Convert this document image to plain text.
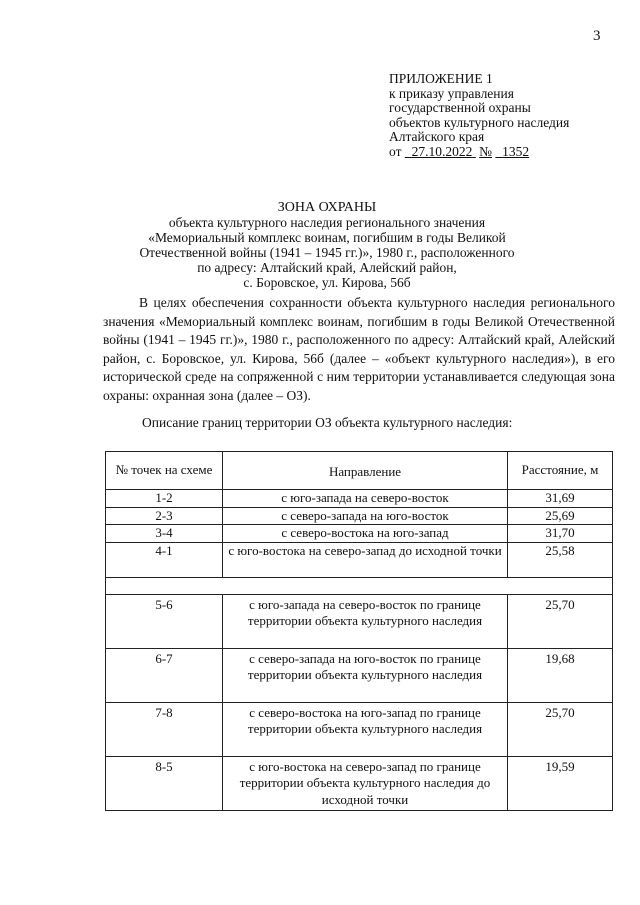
3
ПРИЛОЖЕНИЕ 1
к приказу управления
государственной охраны
объектов культурного наследия
Алтайского края
от 27.10.2022 № 1352
ЗОНА ОХРАНЫ
объекта культурного наследия регионального значения
«Мемориальный комплекс воинам, погибшим в годы Великой
Отечественной войны (1941 – 1945 гг.)», 1980 г., расположенного
по адресу: Алтайский край, Алейский район,
с. Боровское, ул. Кирова, 56б

В целях обеспечения сохранности объекта культурного наследия регионального значения «Мемориальный комплекс воинам, погибшим в годы Великой Отечественной войны (1941 – 1945 гг.)», 1980 г., расположенного по адресу: Алтайский край, Алейский район, с. Боровское, ул. Кирова, 56б (далее – «объект культурного наследия»), в его исторической среде на сопряженной с ним территории устанавливается следующая зона охраны: охранная зона (далее – ОЗ).

Описание границ территории ОЗ объекта культурного наследия:
№ точек на схеме	Направление	Расстояние, м
1-2	с юго-запада на северо-восток	31,69
2-3	с северо-запада на юго-восток	25,69
3-4	с северо-востока на юго-запад	31,70
4-1	с юго-востока на северо-запад до исходной точки	25,58

5-6	с юго-запада на северо-восток по границе территории объекта культурного наследия	25,70
6-7	с северо-запада на юго-восток по границе территории объекта культурного наследия	19,68
7-8	с северо-востока на юго-запад по границе территории объекта культурного наследия	25,70
8-5	с юго-востока на северо-запад по границе территории объекта культурного наследия до исходной точки	19,59
